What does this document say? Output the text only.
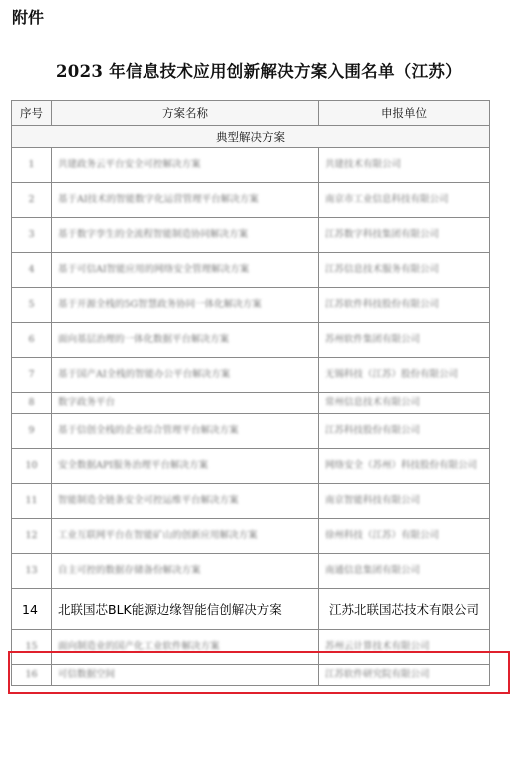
附件
2023 年信息技术应用创新解决方案入围名单（江苏）
序号	方案名称	申报单位
典型解决方案		
1	共建政务云平台安全可控解决方案	共建技术有限公司
2	基于AI技术的智能数字化运营管理平台解决方案	南京市工业信息科技有限公司
3	基于数字孪生的全流程智能制造协同解决方案	江苏数字科技集团有限公司
4	基于可信AI智能应用的网络安全管理解决方案	江苏信息技术服务有限公司
5	基于开源全栈的5G智慧政务协同一体化解决方案	江苏软件科技股份有限公司
6	面向基层治理的一体化数据平台解决方案	苏州软件集团有限公司
7	基于国产AI全栈的智能办公平台解决方案	无锡科技（江苏）股份有限公司
8	数字政务平台	常州信息技术有限公司
9	基于信创全栈的企业综合管理平台解决方案	江苏科技股份有限公司
10	安全数据API服务治理平台解决方案	网络安全（苏州）科技股份有限公司
11	智能制造全链条安全可控运维平台解决方案	南京智能科技有限公司
12	工业互联网平台在智能矿山的创新应用解决方案	徐州科技（江苏）有限公司
13	自主可控的数据存储备份解决方案	南通信息集团有限公司
14	北联国芯BLK能源边缘智能信创解决方案	江苏北联国芯技术有限公司
15	面向制造业的国产化工业软件解决方案	苏州云计算技术有限公司
16	可信数据空间	江苏软件研究院有限公司
